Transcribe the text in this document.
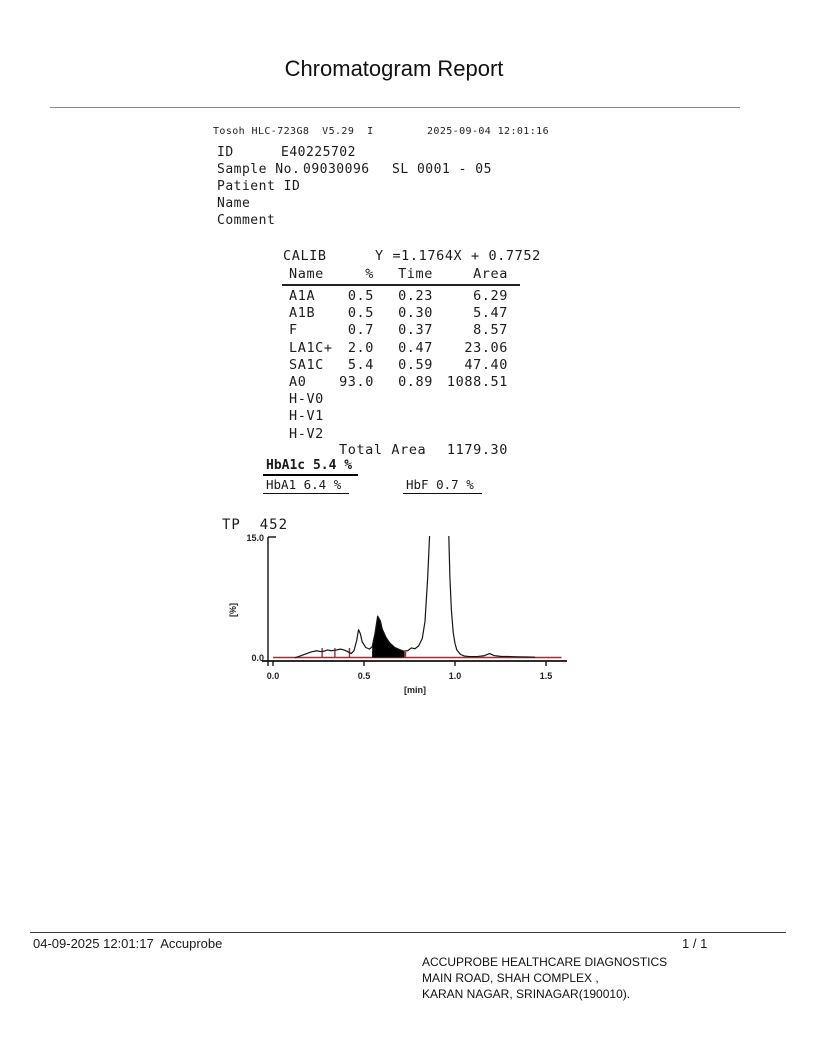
Chromatogram Report
Tosoh HLC-723G8  V5.29  I	2025-09-04 12:01:16
ID	E40225702
Sample No. 09030096 SL 0001 - 05
Patient ID
Name
Comment
CALIB	Y =1.1764X + 0.7752
Name	%	Time	Area
A1A	0.5	0.23	6.29
A1B	0.5	0.30	5.47
F	0.7	0.37	8.57
LA1C+	2.0	0.47	23.06
SA1C	5.4	0.59	47.40
A0	93.0	0.89	1088.51
H-V0
H-V1
H-V2
Total Area	1179.30
HbA1c 5.4 %
HbA1 6.4 %	HbF 0.7 %
TP  452
0.0	0.5	1.0	1.5
15.0
0.0
[min]
[%]
04-09-2025 12:01:17  Accuprobe	1 / 1
ACCUPROBE HEALTHCARE DIAGNOSTICS
MAIN ROAD, SHAH COMPLEX ,
KARAN NAGAR, SRINAGAR(190010).
